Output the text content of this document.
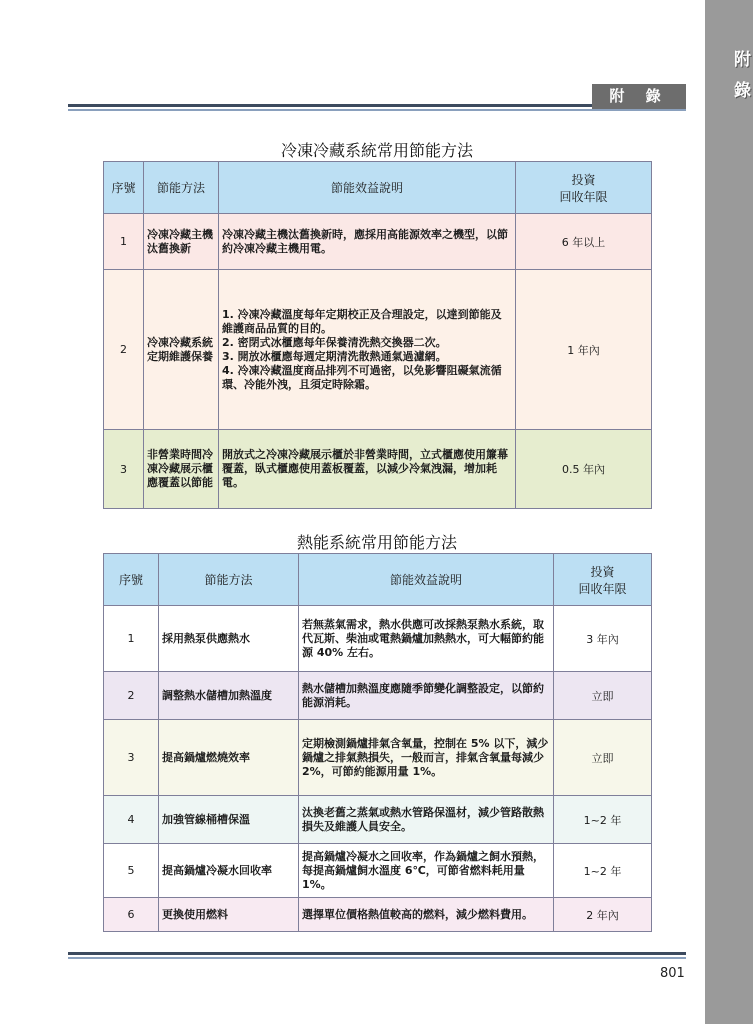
附錄
附 錄
冷凍冷藏系統常用節能方法
序號	節能方法	節能效益說明	投資
回收年限
1	冷凍冷藏主機汰舊換新	冷凍冷藏主機汰舊換新時，應採用高能源效率之機型，以節約冷凍冷藏主機用電。	6 年以上
2	冷凍冷藏系統定期維護保養	1. 冷凍冷藏溫度每年定期校正及合理設定，以達到節能及維護商品品質的目的。
2. 密閉式冰櫃應每年保養清洗熱交換器二次。
3. 開放冰櫃應每週定期清洗散熱通氣過濾網。
4. 冷凍冷藏溫度商品排列不可過密，以免影響阻礙氣流循環、冷能外洩，且須定時除霜。	1 年內
3	非營業時間冷凍冷藏展示櫃應覆蓋以節能	開放式之冷凍冷藏展示櫃於非營業時間，立式櫃應使用簾幕覆蓋，臥式櫃應使用蓋板覆蓋，以減少冷氣洩漏，增加耗電。	0.5 年內
熱能系統常用節能方法
序號	節能方法	節能效益說明	投資
回收年限
1	採用熱泵供應熱水	若無蒸氣需求，熱水供應可改採熱泵熱水系統，取代瓦斯、柴油或電熱鍋爐加熱熱水，可大幅節約能源 40% 左右。	3 年內
2	調整熱水儲槽加熱溫度	熱水儲槽加熱溫度應隨季節變化調整設定，以節約能源消耗。	立即
3	提高鍋爐燃燒效率	定期檢測鍋爐排氣含氧量，控制在 5% 以下，減少鍋爐之排氣熱損失，一般而言，排氣含氧量每減少 2%，可節約能源用量 1%。	立即
4	加強管線桶槽保溫	汰換老舊之蒸氣或熱水管路保溫材，減少管路散熱損失及維護人員安全。	1~2 年
5	提高鍋爐冷凝水回收率	提高鍋爐冷凝水之回收率，作為鍋爐之飼水預熱，每提高鍋爐飼水溫度 6℃，可節省燃料耗用量 1%。	1~2 年
6	更換使用燃料	選擇單位價格熱值較高的燃料，減少燃料費用。	2 年內
801
